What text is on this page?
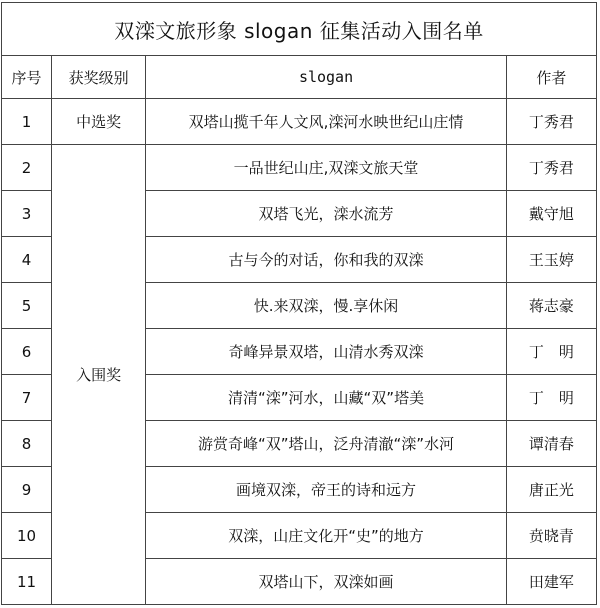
双滦文旅形象 slogan 征集活动入围名单			
序号	获奖级别	slogan	作者
1	中选奖	双塔山揽千年人文风,滦河水映世纪山庄情	丁秀君
2	入围奖	一品世纪山庄,双滦文旅天堂	丁秀君
3		双塔飞光，滦水流芳	戴守旭
4		古与今的对话，你和我的双滦	王玉婷
5		快.来双滦，慢.享休闲	蒋志豪
6		奇峰异景双塔，山清水秀双滦	丁　明
7		清清“滦”河水，山藏“双”塔美	丁　明
8		游赏奇峰“双”塔山，泛舟清澈“滦”水河	谭清春
9		画境双滦，帝王的诗和远方	唐正光
10		双滦，山庄文化开“史”的地方	贲晓青
11		双塔山下，双滦如画	田建军
